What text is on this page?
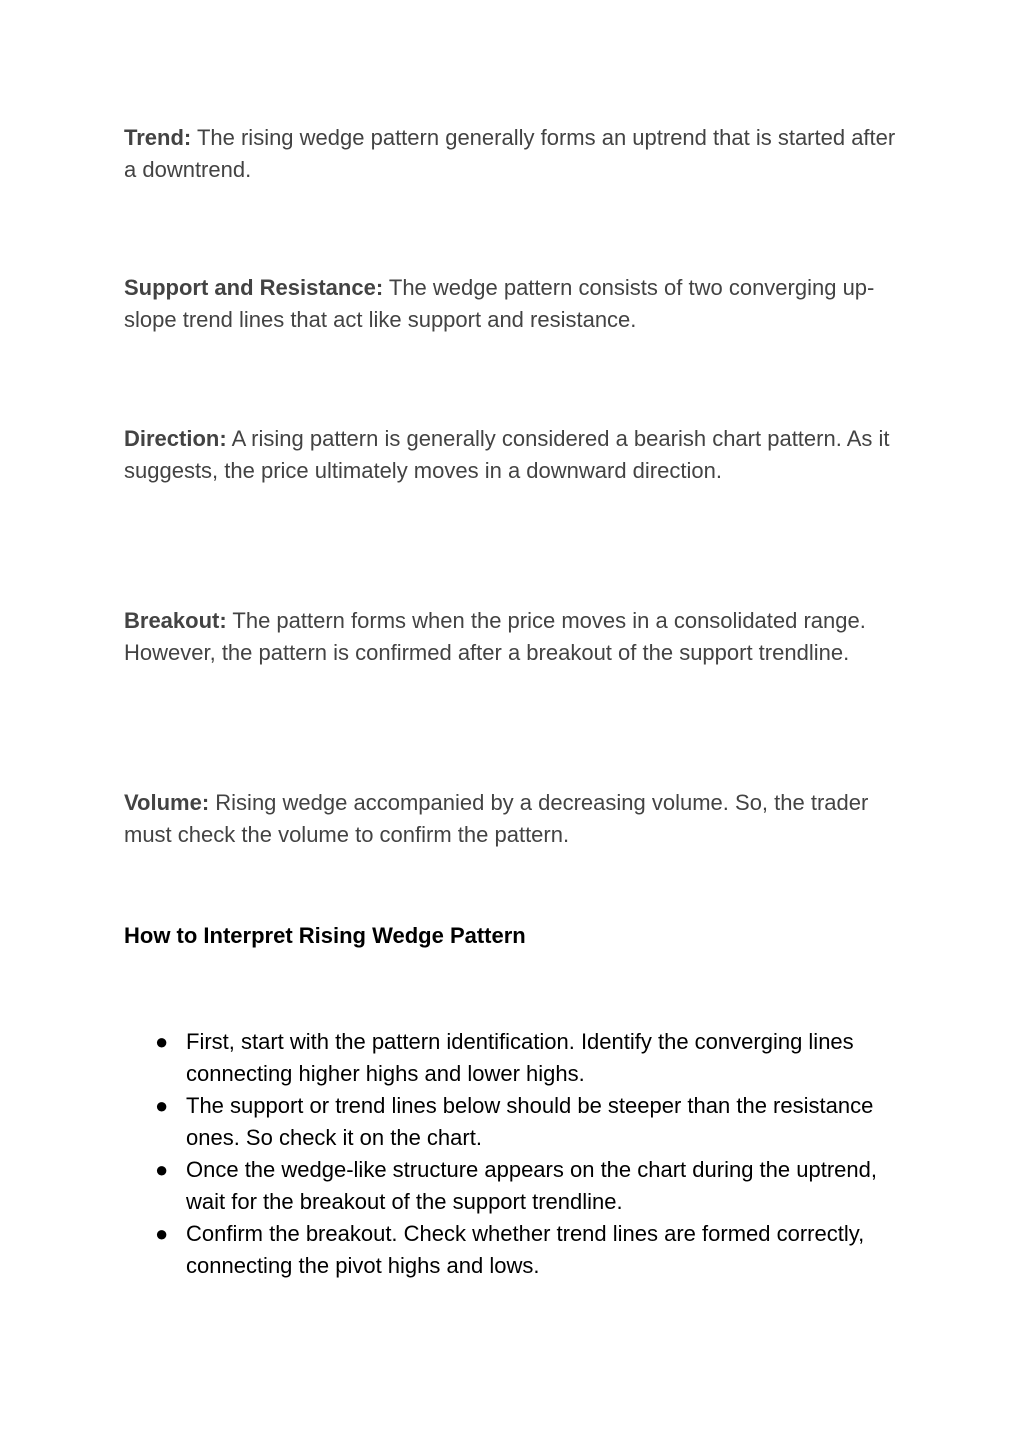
Trend: The rising wedge pattern generally forms an uptrend that is started after a downtrend.

Support and Resistance: The wedge pattern consists of two converging up-slope trend lines that act like support and resistance.

Direction: A rising pattern is generally considered a bearish chart pattern. As it suggests, the price ultimately moves in a downward direction.

Breakout: The pattern forms when the price moves in a consolidated range. However, the pattern is confirmed after a breakout of the support trendline.

Volume: Rising wedge accompanied by a decreasing volume. So, the trader must check the volume to confirm the pattern.

How to Interpret Rising Wedge Pattern
● First, start with the pattern identification. Identify the converging lines connecting higher highs and lower highs.
● The support or trend lines below should be steeper than the resistance ones. So check it on the chart.
● Once the wedge-like structure appears on the chart during the uptrend, wait for the breakout of the support trendline.
● Confirm the breakout. Check whether trend lines are formed correctly, connecting the pivot highs and lows.
